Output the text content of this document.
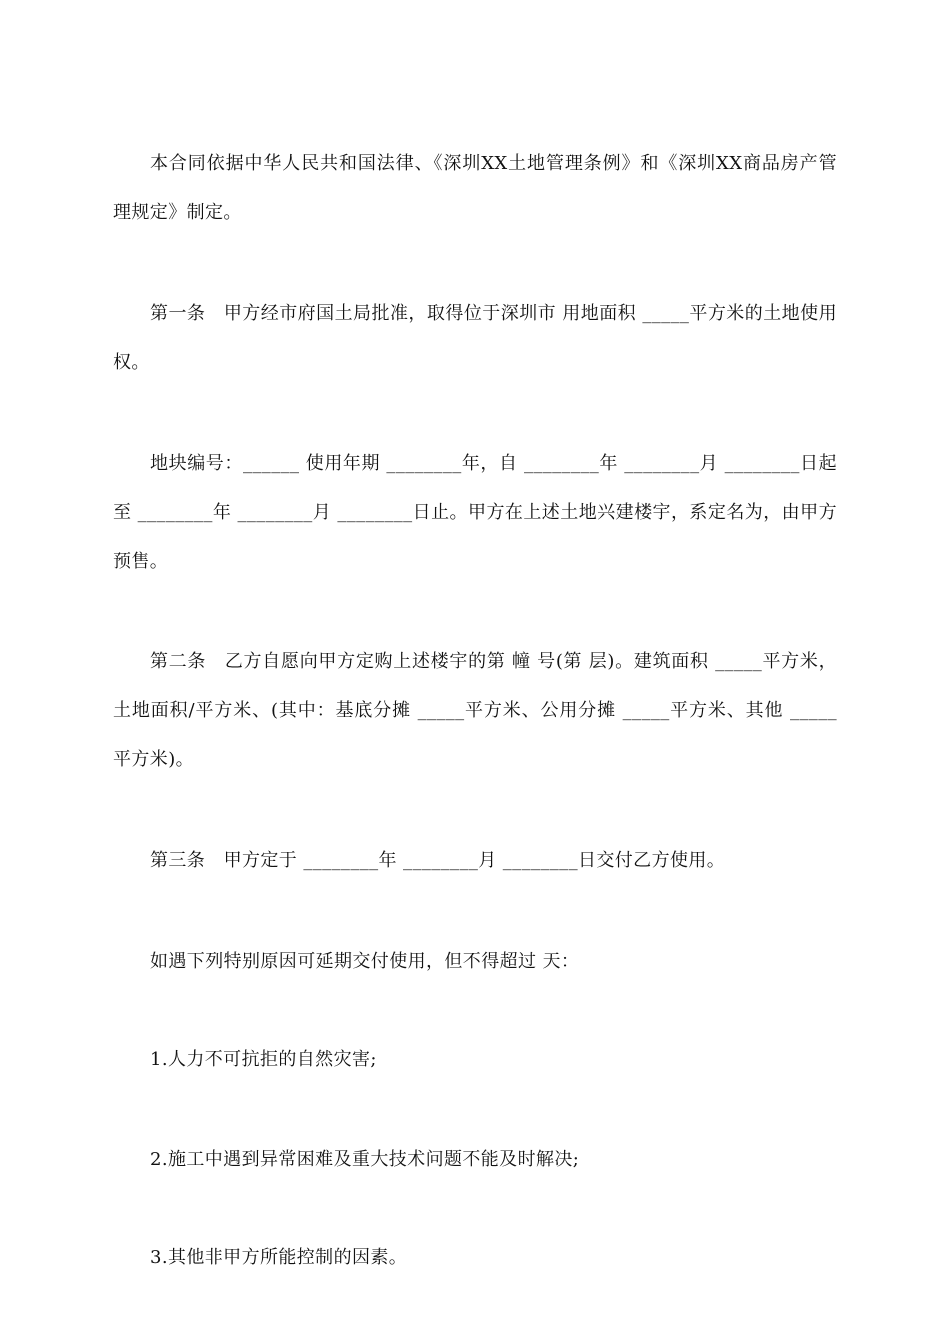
本合同依据中华人民共和国法律、《深圳XX土地管理条例》和《深圳XX商品房产管理规定》制定。

第一条　甲方经市府国土局批准，取得位于深圳市 用地面积 _____平方米的土地使用权。

地块编号：______ 使用年期 ________年，自 ________年 ________月 ________日起至 ________年 ________月 ________日止。甲方在上述土地兴建楼宇，系定名为，由甲方预售。

第二条　乙方自愿向甲方定购上述楼宇的第 幢 号(第 层)。建筑面积 _____平方米，土地面积/平方米、(其中：基底分摊 _____平方米、公用分摊 _____平方米、其他 _____平方米)。

第三条　甲方定于 ________年 ________月 ________日交付乙方使用。

如遇下列特别原因可延期交付使用，但不得超过 天：

1.人力不可抗拒的自然灾害;

2.施工中遇到异常困难及重大技术问题不能及时解决;

3.其他非甲方所能控制的因素。
